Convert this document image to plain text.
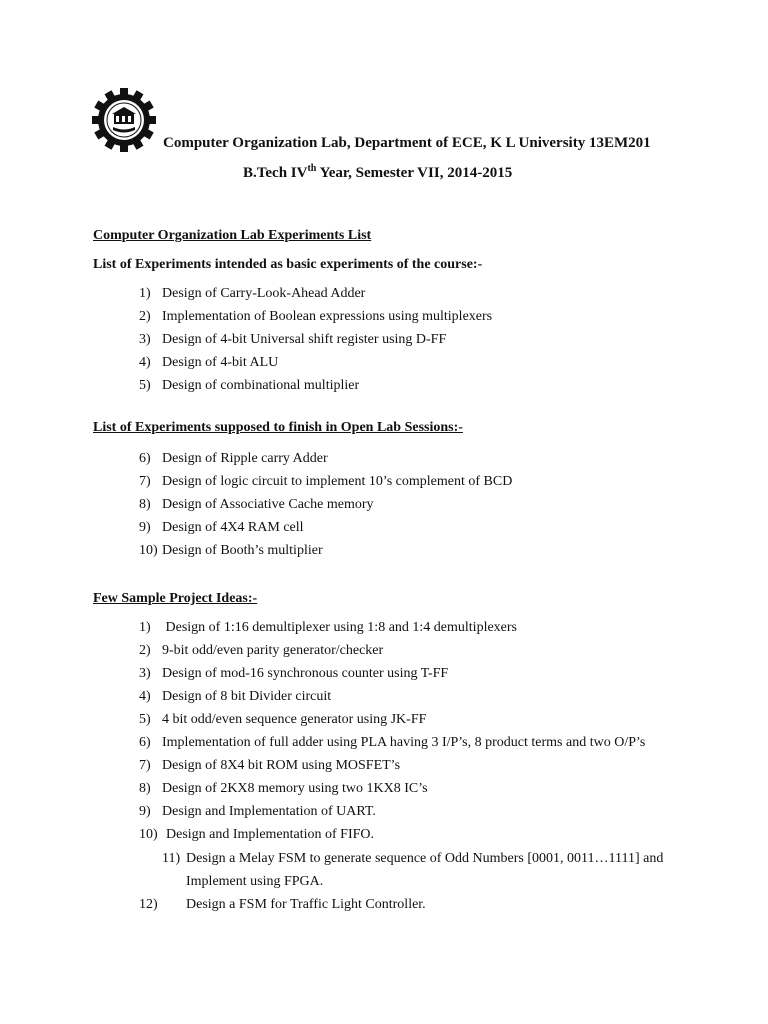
Computer Organization Lab, Department of ECE, K L University 13EM201
B.Tech IVth Year, Semester VII, 2014-2015
Computer Organization Lab Experiments List
List of Experiments intended as basic experiments of the course:-
1) Design of Carry-Look-Ahead Adder
2) Implementation of Boolean expressions using multiplexers
3) Design of 4-bit Universal shift register using D-FF
4) Design of 4-bit ALU
5) Design of combinational multiplier
List of Experiments supposed to finish in Open Lab Sessions:-
6) Design of Ripple carry Adder
7) Design of logic circuit to implement 10’s complement of BCD
8) Design of Associative Cache memory
9) Design of 4X4 RAM cell
10) Design of Booth’s multiplier
Few Sample Project Ideas:-
1) Design of 1:16 demultiplexer using 1:8 and 1:4 demultiplexers
2) 9-bit odd/even parity generator/checker
3) Design of mod-16 synchronous counter using T-FF
4) Design of 8 bit Divider circuit
5) 4 bit odd/even sequence generator using JK-FF
6) Implementation of full adder using PLA having 3 I/P’s, 8 product terms and two O/P’s
7) Design of 8X4 bit ROM using MOSFET’s
8) Design of 2KX8 memory using two 1KX8 IC’s
9) Design and Implementation of UART.
10) Design and Implementation of FIFO.
11) Design a Melay FSM to generate sequence of Odd Numbers [0001, 0011…1111] and
Implement using FPGA.
12) Design a FSM for Traffic Light Controller.
